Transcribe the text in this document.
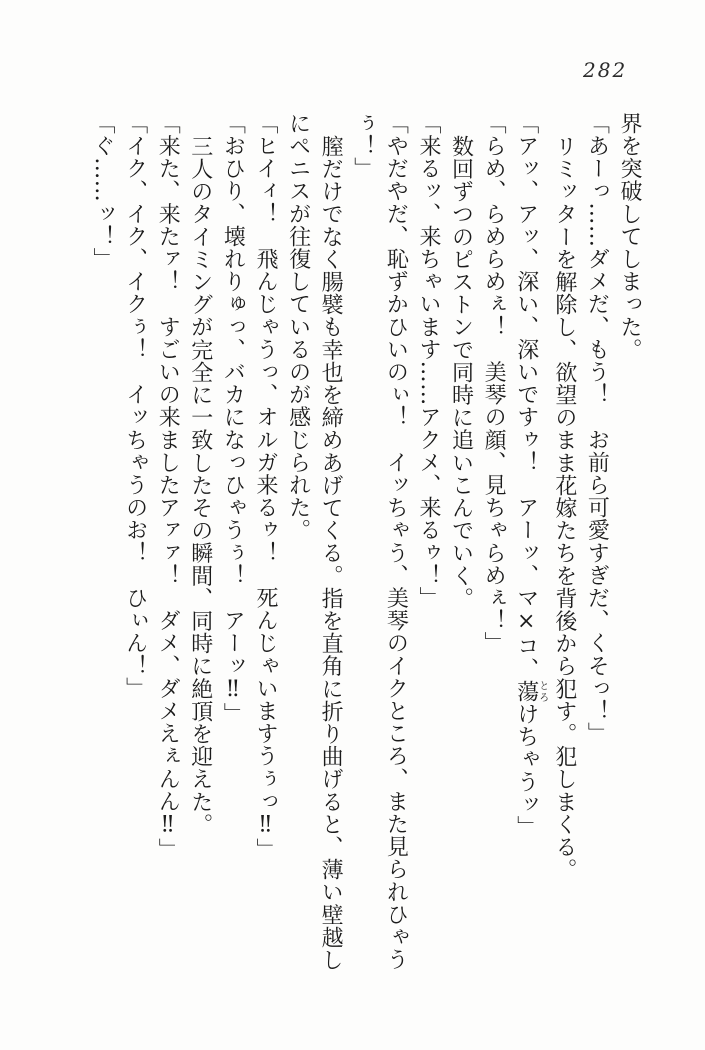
282

界を突破してしまった。

「あーっ……ダメだ、もう！　お前ら可愛すぎだ、くそっ！」

リミッターを解除し、欲望のまま花嫁たちを背後から犯す。犯しまくる。

「アッ、アッ、深い、深いですゥ！　アーッ、マ×コ、蕩とろけちゃうッ」

「らめ、らめらめぇ！　美琴の顔、見ちゃらめぇ！」

数回ずつのピストンで同時に追いこんでいく。

「来るッ、来ちゃいます……アクメ、来るゥ！」

「やだやだ、恥ずかひいのぃ！　イッちゃう、美琴のイクところ、また見られひゃう

ぅ！」

膣だけでなく腸襞も幸也を締めあげてくる。指を直角に折り曲げると、薄い壁越し

にペニスが往復しているのが感じられた。

「ヒイィ！　飛んじゃうっ、オルガ来るゥ！　死んじゃいますうぅっ‼」

「おひり、壊れりゅっ、バカになっひゃうぅ！　アーッ‼」

三人のタイミングが完全に一致したその瞬間、同時に絶頂を迎えた。

「来た、来たァ！　すごいの来ましたアァァ！　ダメ、ダメえぇんん‼」

「イク、イク、イクぅ！　イッちゃうのお！　ひぃん！」

「ぐ……ッ！」
